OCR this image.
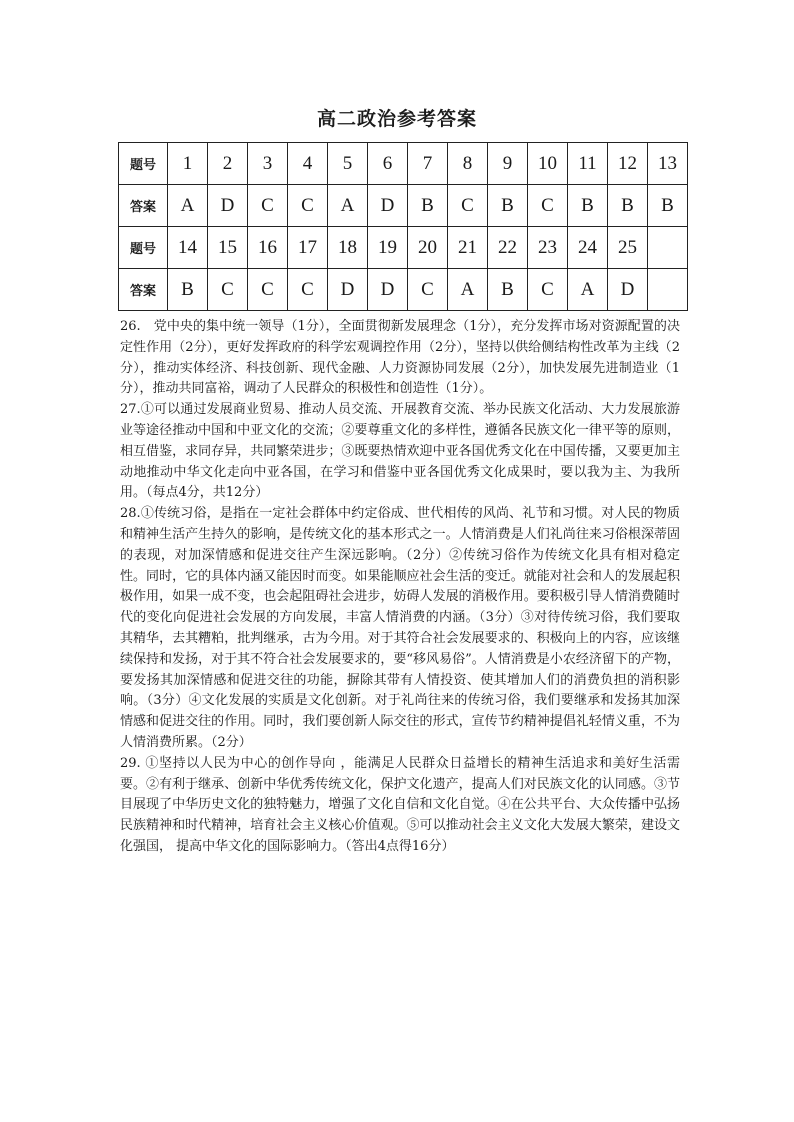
高二政治参考答案
题号	1	2	3	4	5	6	7	8	9	10	11	12	13
答案	A	D	C	C	A	D	B	C	B	C	B	B	B
题号	14	15	16	17	18	19	20	21	22	23	24	25	
答案	B	C	C	C	D	D	C	A	B	C	A	D	

26.　党中央的集中统一领导（1分），全面贯彻新发展理念（1分），充分发挥市场对资源配置的决定性作用（2分），更好发挥政府的科学宏观调控作用（2分），坚持以供给侧结构性改革为主线（2分），推动实体经济、科技创新、现代金融、人力资源协同发展（2分），加快发展先进制造业（1分），推动共同富裕，调动了人民群众的积极性和创造性（1分）。

27.①可以通过发展商业贸易、推动人员交流、开展教育交流、举办民族文化活动、大力发展旅游业等途径推动中国和中亚文化的交流；②要尊重文化的多样性，遵循各民族文化一律平等的原则，相互借鉴，求同存异，共同繁荣进步；③既要热情欢迎中亚各国优秀文化在中国传播，又要更加主动地推动中华文化走向中亚各国，在学习和借鉴中亚各国优秀文化成果时，要以我为主、为我所用。（每点4分，共12分）

28.①传统习俗，是指在一定社会群体中约定俗成、世代相传的风尚、礼节和习惯。对人民的物质和精神生活产生持久的影响，是传统文化的基本形式之一。人情消费是人们礼尚往来习俗根深蒂固的表现，对加深情感和促进交往产生深远影响。（2分）②传统习俗作为传统文化具有相对稳定性。同时，它的具体内涵又能因时而变。如果能顺应社会生活的变迁。就能对社会和人的发展起积极作用，如果一成不变，也会起阻碍社会进步，妨碍人发展的消极作用。要积极引导人情消费随时代的变化向促进社会发展的方向发展，丰富人情消费的内涵。（3分）③对待传统习俗，我们要取其精华，去其糟粕，批判继承，古为今用。对于其符合社会发展要求的、积极向上的内容，应该继续保持和发扬，对于其不符合社会发展要求的，要“移风易俗”。人情消费是小农经济留下的产物，要发扬其加深情感和促进交往的功能，摒除其带有人情投资、使其增加人们的消费负担的消积影响。（3分）④文化发展的实质是文化创新。对于礼尚往来的传统习俗，我们要继承和发扬其加深情感和促进交往的作用。同时，我们要创新人际交往的形式，宣传节约精神提倡礼轻情义重，不为人情消费所累。（2分）

29. ①坚持以人民为中心的创作导向 ，能满足人民群众日益增长的精神生活追求和美好生活需要。②有利于继承、创新中华优秀传统文化，保护文化遗产，提高人们对民族文化的认同感。③节目展现了中华历史文化的独特魅力，增强了文化自信和文化自觉。④在公共平台、大众传播中弘扬民族精神和时代精神，培育社会主义核心价值观。⑤可以推动社会主义文化大发展大繁荣，建设文化强国， 提高中华文化的国际影响力。（答出4点得16分）
